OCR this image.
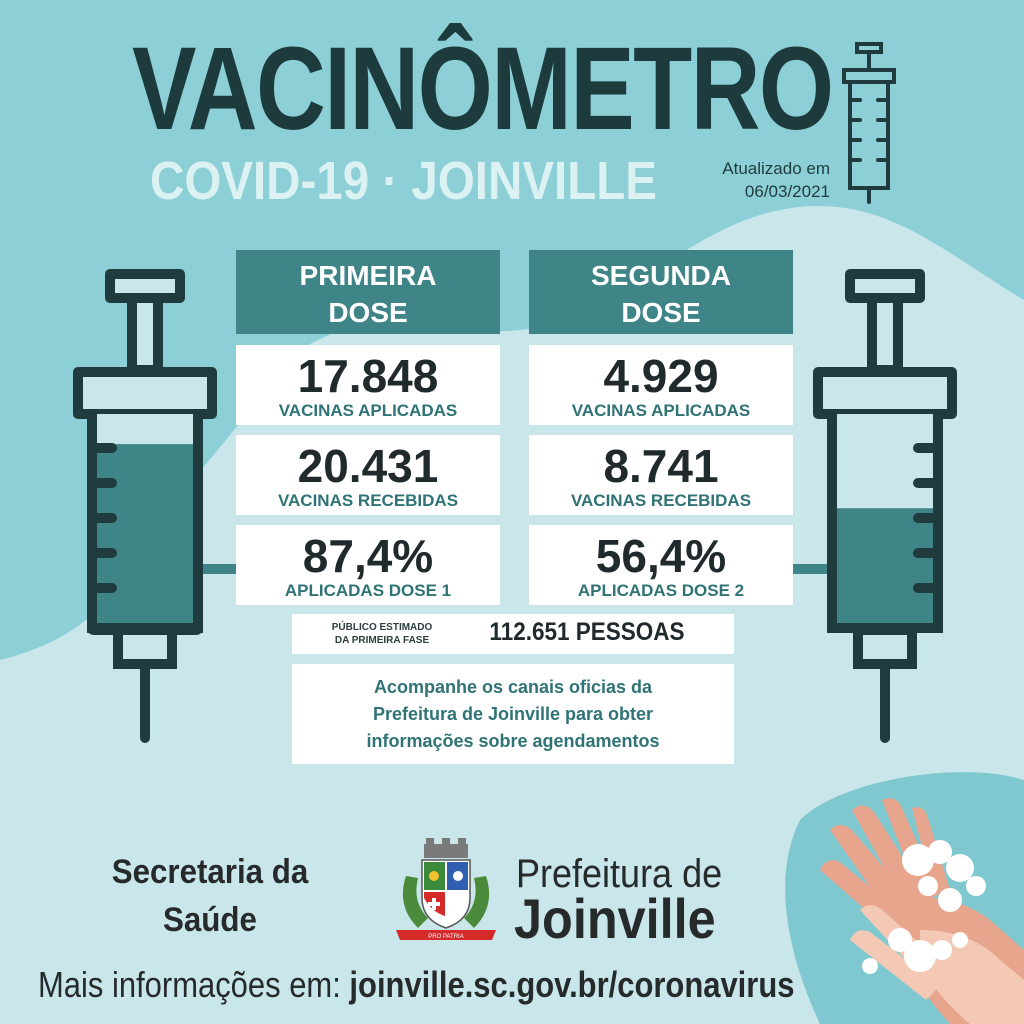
VACINÔMETRO
COVID-19 · JOINVILLE	Atualizado em
06/03/2021
PRIMEIRA
DOSE
17.848
VACINAS APLICADAS
20.431
VACINAS RECEBIDAS
87,4%
APLICADAS DOSE 1
SEGUNDA
DOSE
4.929
VACINAS APLICADAS
8.741
VACINAS RECEBIDAS
56,4%
APLICADAS DOSE 2
PÚBLICO ESTIMADO
DA PRIMEIRA FASE	112.651 PESSOAS
Acompanhe os canais oficias da
Prefeitura de Joinville para obter
informações sobre agendamentos
Secretaria da
Saúde	PRO PATRIA
Prefeitura de
Joinville
Mais informações em: joinville.sc.gov.br/coronavirus
